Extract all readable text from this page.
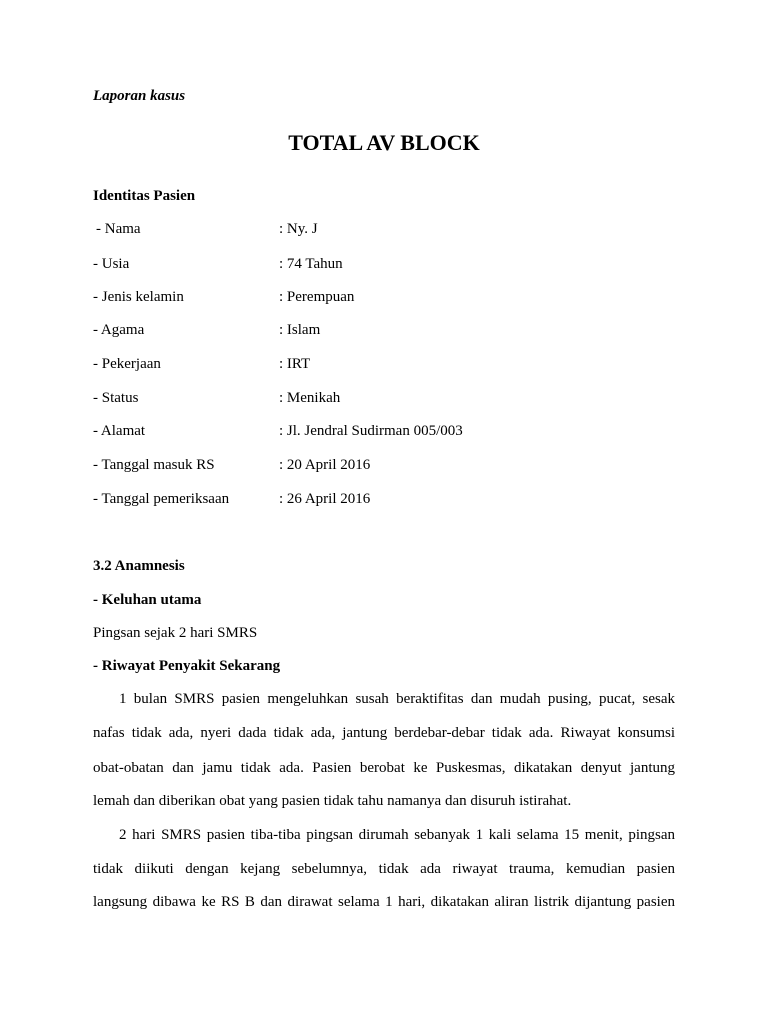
Laporan kasus
TOTAL AV BLOCK
Identitas Pasien
- Nama	: Ny. J
- Usia	: 74 Tahun
- Jenis kelamin	: Perempuan
- Agama	: Islam
- Pekerjaan	: IRT
- Status	: Menikah
- Alamat	: Jl. Jendral Sudirman 005/003
- Tanggal masuk RS	: 20 April 2016
- Tanggal pemeriksaan	: 26 April 2016
3.2 Anamnesis
- Keluhan utama
Pingsan sejak 2 hari SMRS
- Riwayat Penyakit Sekarang
1 bulan SMRS pasien mengeluhkan susah beraktifitas dan mudah pusing, pucat, sesak
nafas tidak ada, nyeri dada tidak ada, jantung berdebar-debar tidak ada. Riwayat konsumsi
obat-obatan dan jamu tidak ada. Pasien berobat ke Puskesmas, dikatakan denyut jantung
lemah dan diberikan obat yang pasien tidak tahu namanya dan disuruh istirahat.
2 hari SMRS pasien tiba-tiba pingsan dirumah sebanyak 1 kali selama 15 menit, pingsan
tidak diikuti dengan kejang sebelumnya, tidak ada riwayat trauma, kemudian pasien
langsung dibawa ke RS B dan dirawat selama 1 hari, dikatakan aliran listrik dijantung pasien
